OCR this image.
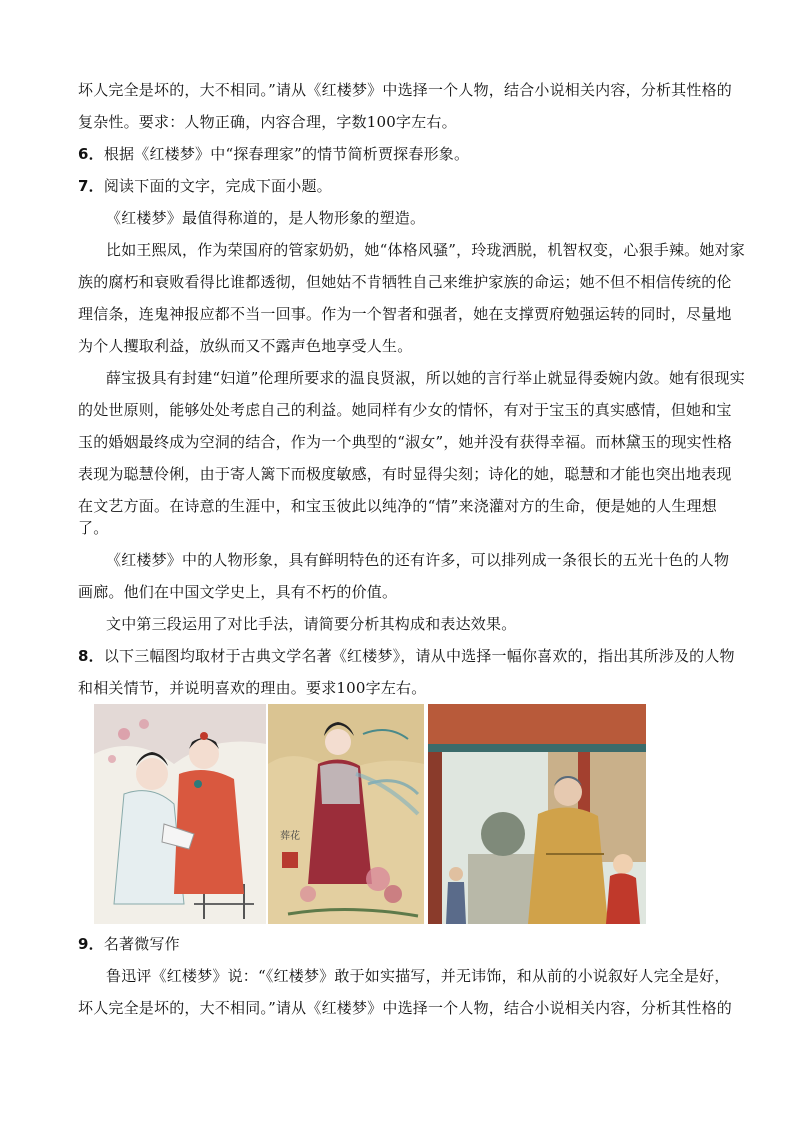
坏人完全是坏的，大不相同。”请从《红楼梦》中选择一个人物，结合小说相关内容，分析其性格的
复杂性。要求：人物正确，内容合理，字数100字左右。
6．根据《红楼梦》中“探春理家”的情节简析贾探春形象。
7．阅读下面的文字，完成下面小题。
《红楼梦》最值得称道的，是人物形象的塑造。
比如王熙凤，作为荣国府的管家奶奶，她“体格风骚”，玲珑洒脱，机智权变，心狠手辣。她对家
族的腐朽和衰败看得比谁都透彻，但她姑不肯牺牲自己来维护家族的命运；她不但不相信传统的伦
理信条，连鬼神报应都不当一回事。作为一个智者和强者，她在支撑贾府勉强运转的同时，尽量地
为个人攫取利益，放纵而又不露声色地享受人生。
薛宝扱具有封建“妇道”伦理所要求的温良贤淑，所以她的言行举止就显得委婉内敛。她有很现实
的处世原则，能够处处考虑自己的利益。她同样有少女的情怀，有对于宝玉的真实感情，但她和宝
玉的婚姻最终成为空洞的结合，作为一个典型的“淑女”，她并没有获得幸福。而林黛玉的现实性格
表现为聪慧伶俐，由于寄人篱下而极度敏感，有时显得尖刻；诗化的她，聪慧和才能也突出地表现
在文艺方面。在诗意的生涯中，和宝玉彼此以纯净的“情”来浇灌对方的生命，便是她的人生理想
了。
《红楼梦》中的人物形象，具有鲜明特色的还有许多，可以排列成一条很长的五光十色的人物
画廊。他们在中国文学史上，具有不朽的价值。
文中第三段运用了对比手法，请简要分析其构成和表达效果。
8．以下三幅图均取材于古典文学名著《红楼梦》，请从中选择一幅你喜欢的，指出其所涉及的人物
和相关情节，并说明喜欢的理由。要求100字左右。
葬花
9．名著微写作
鲁迅评《红楼梦》说：“《红楼梦》敢于如实描写，并无讳饰，和从前的小说叙好人完全是好，
坏人完全是坏的，大不相同。”请从《红楼梦》中选择一个人物，结合小说相关内容，分析其性格的
